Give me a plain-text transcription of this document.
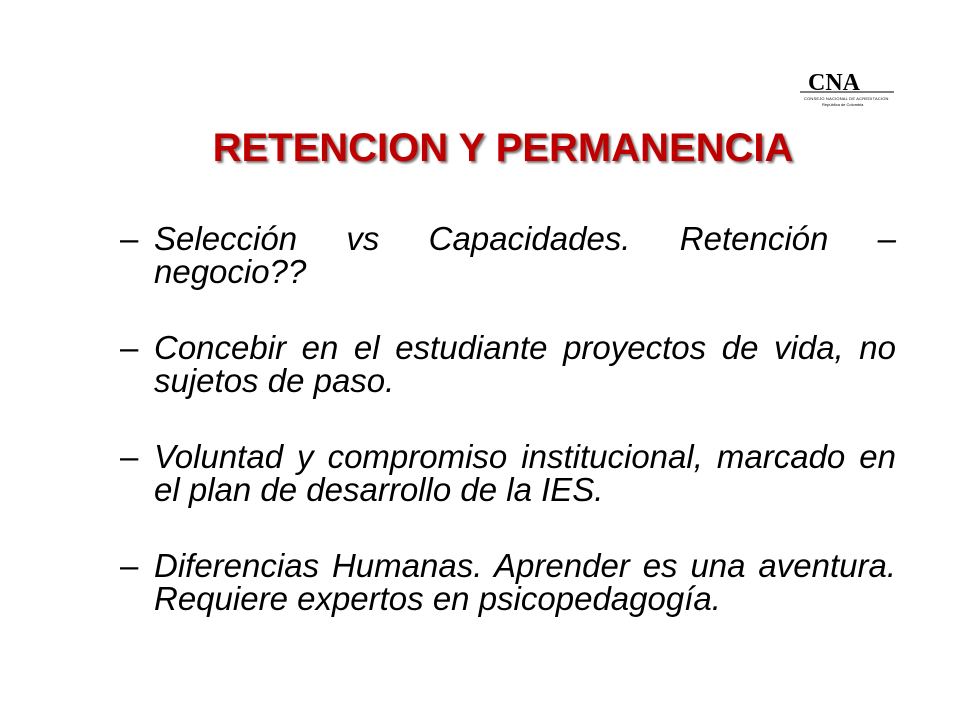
CNA
CONSEJO NACIONAL DE ACREDITACION
República de Colombia
RETENCION Y PERMANENCIA
– Selección vs Capacidades. Retención – negocio??
– Concebir en el estudiante proyectos de vida, no sujetos de paso.
– Voluntad y compromiso institucional, marcado en el plan de desarrollo de la IES.
– Diferencias Humanas. Aprender es una aventura. Requiere expertos en psicopedagogía.
